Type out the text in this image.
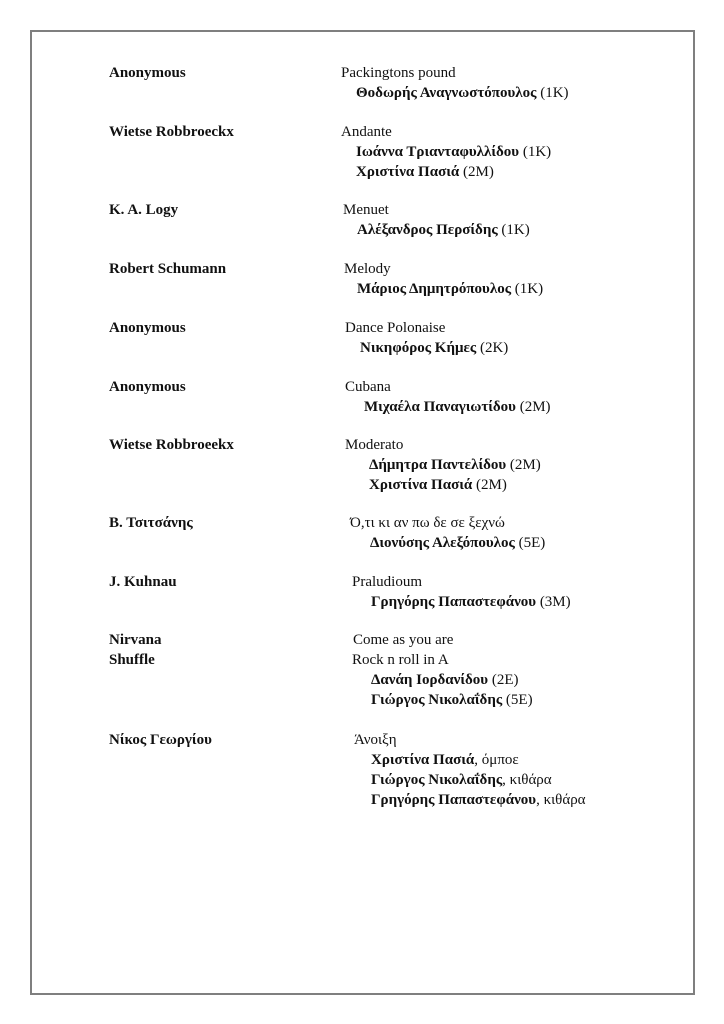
Anonymous	Packingtons pound
Θοδωρής Αναγνωστόπουλος (1K)
Wietse Robbroeckx	Andante
Ιωάννα Τριανταφυλλίδου (1K)
Χριστίνα Πασιά (2M)
K. A. Logy	Menuet
Αλέξανδρος Περσίδης (1K)
Robert Schumann	Melody
Μάριος Δημητρόπουλος (1K)
Anonymous	Dance Polonaise
Νικηφόρος Κήμες (2K)
Anonymous	Cubana
Μιχαέλα Παναγιωτίδου (2M)
Wietse Robbroeekx	Moderato
Δήμητρα Παντελίδου (2M)
Χριστίνα Πασιά (2M)
Β. Τσιτσάνης	Ό,τι κι αν πω δε σε ξεχνώ
Διονύσης Αλεξόπουλος (5E)
J. Kuhnau	Praludioum
Γρηγόρης Παπαστεφάνου (3M)
Nirvana	Come as you are
Shuffle	Rock n roll in A
Δανάη Ιορδανίδου (2E)
Γιώργος Νικολαΐδης (5E)
Νίκος Γεωργίου	Άνοιξη
Χριστίνα Πασιά, όμποε
Γιώργος Νικολαΐδης, κιθάρα
Γρηγόρης Παπαστεφάνου, κιθάρα
